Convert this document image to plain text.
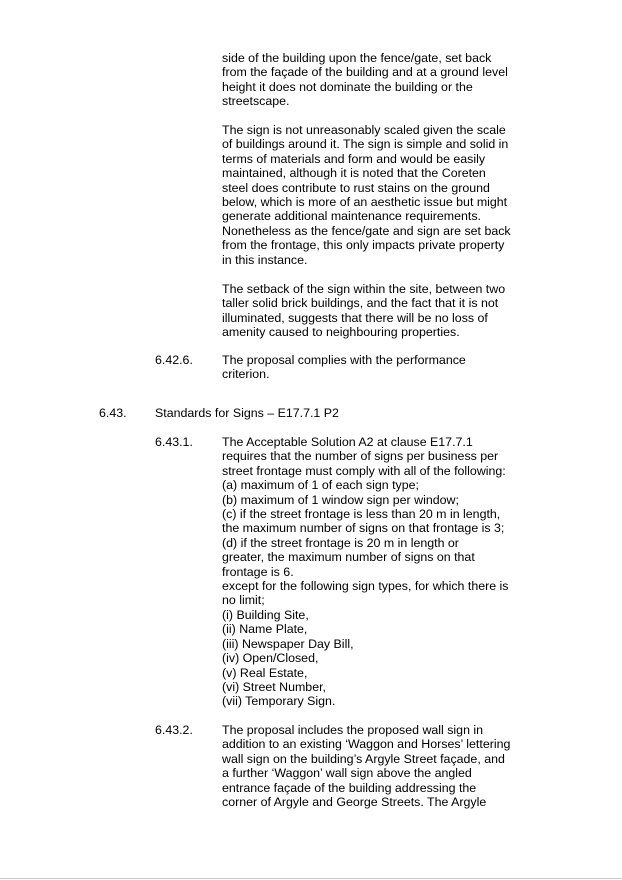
side of the building upon the fence/gate, set back

from the façade of the building and at a ground level

height it does not dominate the building or the

streetscape.

The sign is not unreasonably scaled given the scale

of buildings around it. The sign is simple and solid in

terms of materials and form and would be easily

maintained, although it is noted that the Coreten

steel does contribute to rust stains on the ground

below, which is more of an aesthetic issue but might

generate additional maintenance requirements.

Nonetheless as the fence/gate and sign are set back

from the frontage, this only impacts private property

in this instance.

The setback of the sign within the site, between two

taller solid brick buildings, and the fact that it is not

illuminated, suggests that there will be no loss of

amenity caused to neighbouring properties.

6.42.6. The proposal complies with the performance

criterion.

6.43. Standards for Signs – E17.7.1 P2
6.43.1. The Acceptable Solution A2 at clause E17.7.1

requires that the number of signs per business per

street frontage must comply with all of the following:

(a) maximum of 1 of each sign type;

(b) maximum of 1 window sign per window;

(c) if the street frontage is less than 20 m in length,

the maximum number of signs on that frontage is 3;

(d) if the street frontage is 20 m in length or

greater, the maximum number of signs on that

frontage is 6.

except for the following sign types, for which there is

no limit;

(i) Building Site,

(ii) Name Plate,

(iii) Newspaper Day Bill,

(iv) Open/Closed,

(v) Real Estate,

(vi) Street Number,

(vii) Temporary Sign.

6.43.2. The proposal includes the proposed wall sign in

addition to an existing ‘Waggon and Horses’ lettering

wall sign on the building’s Argyle Street façade, and

a further ‘Waggon’ wall sign above the angled

entrance façade of the building addressing the

corner of Argyle and George Streets. The Argyle
